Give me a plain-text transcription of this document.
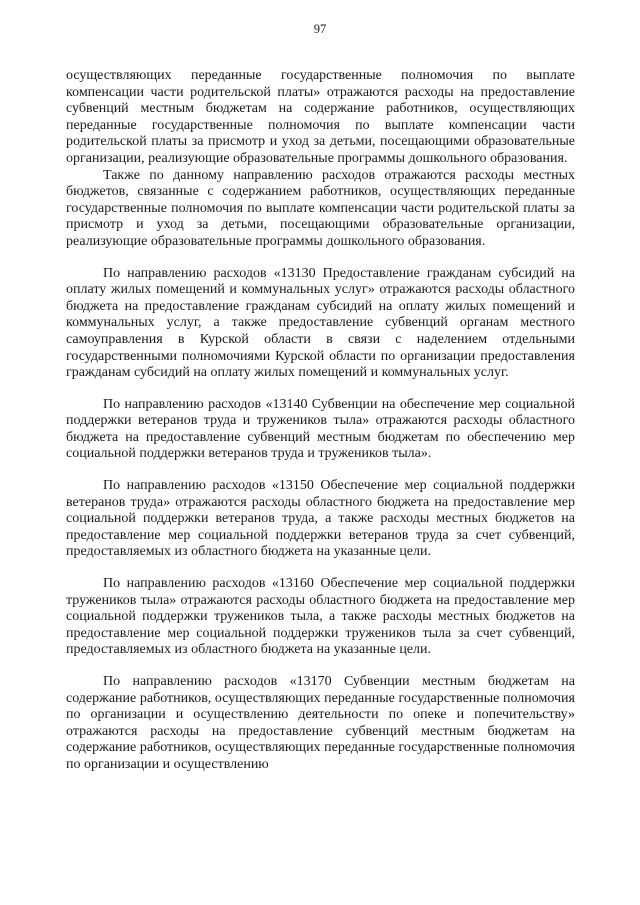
97

осуществляющих переданные государственные полномочия по выплате компенсации части родительской платы» отражаются расходы на предоставление субвенций местным бюджетам на содержание работников, осуществляющих переданные государственные полномочия по выплате компенсации части родительской платы за присмотр и уход за детьми, посещающими образовательные организации, реализующие образовательные программы дошкольного образования.

Также по данному направлению расходов отражаются расходы местных бюджетов, связанные с содержанием работников, осуществляющих переданные государственные полномочия по выплате компенсации части родительской платы за присмотр и уход за детьми, посещающими образовательные организации, реализующие образовательные программы дошкольного образования.

По направлению расходов «13130 Предоставление гражданам субсидий на оплату жилых помещений и коммунальных услуг» отражаются расходы областного бюджета на предоставление гражданам субсидий на оплату жилых помещений и коммунальных услуг, а также предоставление субвенций органам местного самоуправления в Курской области в связи с наделением отдельными государственными полномочиями Курской области по организации предоставления гражданам субсидий на оплату жилых помещений и коммунальных услуг.

По направлению расходов «13140 Субвенции на обеспечение мер социальной поддержки ветеранов труда и тружеников тыла» отражаются расходы областного бюджета на предоставление субвенций местным бюджетам по обеспечению мер социальной поддержки ветеранов труда и тружеников тыла».

По направлению расходов «13150 Обеспечение мер социальной поддержки ветеранов труда» отражаются расходы областного бюджета на предоставление мер социальной поддержки ветеранов труда, а также расходы местных бюджетов на предоставление мер социальной поддержки ветеранов труда за счет субвенций, предоставляемых из областного бюджета на указанные цели.

По направлению расходов «13160 Обеспечение мер социальной поддержки тружеников тыла» отражаются расходы областного бюджета на предоставление мер социальной поддержки тружеников тыла, а также расходы местных бюджетов на предоставление мер социальной поддержки тружеников тыла за счет субвенций, предоставляемых из областного бюджета на указанные цели.

По направлению расходов «13170 Субвенции местным бюджетам на содержание работников, осуществляющих переданные государственные полномочия по организации и осуществлению деятельности по опеке и попечительству» отражаются расходы на предоставление субвенций местным бюджетам на содержание работников, осуществляющих переданные государственные полномочия по организации и осуществлению
